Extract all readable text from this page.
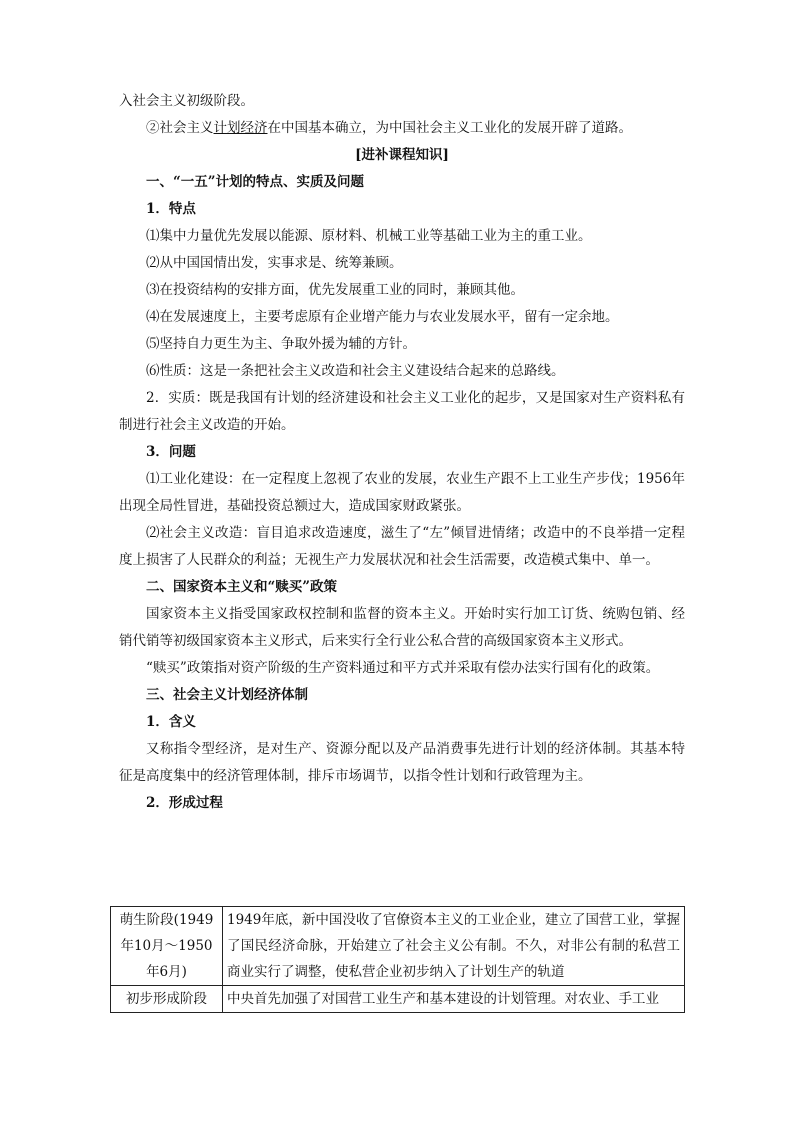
入社会主义初级阶段。

②社会主义计划经济在中国基本确立，为中国社会主义工业化的发展开辟了道路。

[进补课程知识]

一、“一五”计划的特点、实质及问题

1．特点

⑴集中力量优先发展以能源、原材料、机械工业等基础工业为主的重工业。

⑵从中国国情出发，实事求是、统筹兼顾。

⑶在投资结构的安排方面，优先发展重工业的同时，兼顾其他。

⑷在发展速度上，主要考虑原有企业增产能力与农业发展水平，留有一定余地。

⑸坚持自力更生为主、争取外援为辅的方针。

⑹性质：这是一条把社会主义改造和社会主义建设结合起来的总路线。

2．实质：既是我国有计划的经济建设和社会主义工业化的起步，又是国家对生产资料私有制进行社会主义改造的开始。

3．问题

⑴工业化建设：在一定程度上忽视了农业的发展，农业生产跟不上工业生产步伐；1956年出现全局性冒进，基础投资总额过大，造成国家财政紧张。

⑵社会主义改造：盲目追求改造速度，滋生了“左”倾冒进情绪；改造中的不良举措一定程度上损害了人民群众的利益；无视生产力发展状况和社会生活需要，改造模式集中、单一。

二、国家资本主义和“赎买”政策

国家资本主义指受国家政权控制和监督的资本主义。开始时实行加工订货、统购包销、经销代销等初级国家资本主义形式，后来实行全行业公私合营的高级国家资本主义形式。

“赎买”政策指对资产阶级的生产资料通过和平方式并采取有偿办法实行国有化的政策。

三、社会主义计划经济体制

1．含义

又称指令型经济，是对生产、资源分配以及产品消费事先进行计划的经济体制。其基本特征是高度集中的经济管理体制，排斥市场调节，以指令性计划和行政管理为主。

2．形成过程

萌生阶段(1949年10月～1950年6月)	1949年底，新中国没收了官僚资本主义的工业企业，建立了国营工业，掌握了国民经济命脉，开始建立了社会主义公有制。不久，对非公有制的私营工商业实行了调整，使私营企业初步纳入了计划生产的轨道
初步形成阶段	中央首先加强了对国营工业生产和基本建设的计划管理。对农业、手工业
